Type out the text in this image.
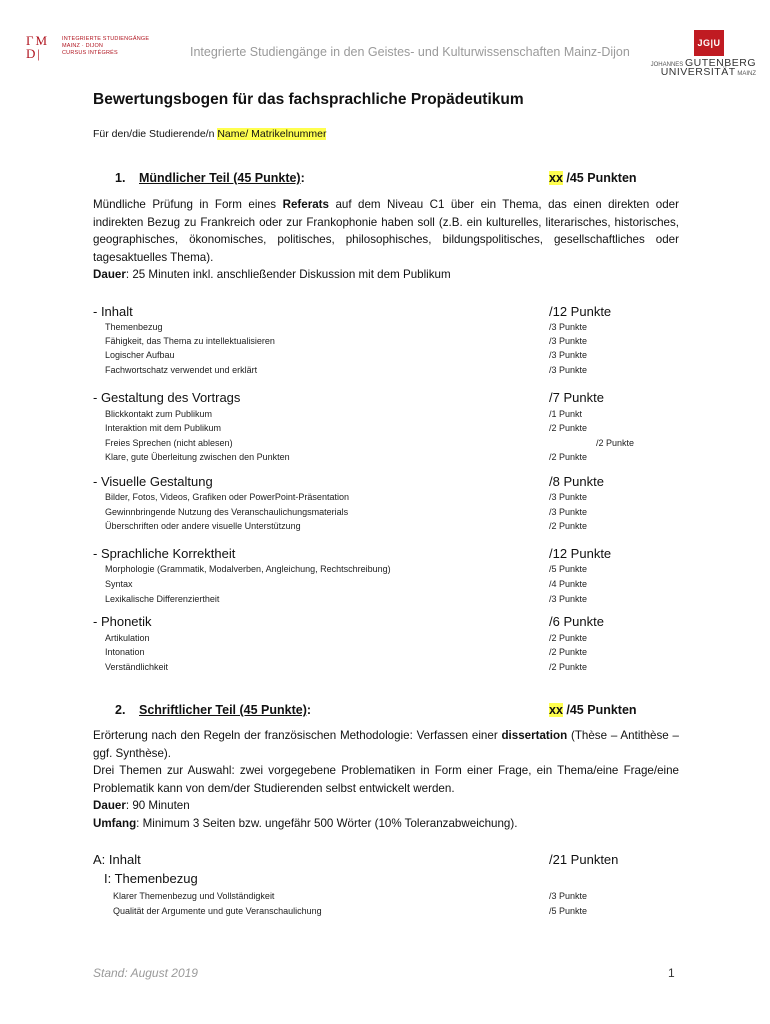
ΓM
D|
INTEGRIERTE STUDIENGÄNGE
MAINZ · DIJON
CURSUS INTÉGRÉS	Integrierte Studiengänge in den Geistes- und Kulturwissenschaften Mainz-Dijon
JG|U
JOHANNES GUTENBERG
UNIVERSITÄT MAINZ
Bewertungsbogen für das fachsprachliche Propädeutikum
Für den/die Studierende/n Name/ Matrikelnummer
1. Mündlicher Teil (45 Punkte):	xx /45 Punkten
Mündliche Prüfung in Form eines Referats auf dem Niveau C1 über ein Thema, das einen direkten oder indirekten Bezug zu Frankreich oder zur Frankophonie haben soll (z.B. ein kulturelles, literarisches, historisches, geographisches, ökonomisches, politisches, philosophisches, bildungspolitisches, gesellschaftliches oder tagesaktuelles Thema).
Dauer: 25 Minuten inkl. anschließender Diskussion mit dem Publikum
- Inhalt	/12 Punkte
Themenbezug	/3 Punkte
Fähigkeit, das Thema zu intellektualisieren	/3 Punkte
Logischer Aufbau	/3 Punkte
Fachwortschatz verwendet und erklärt	/3 Punkte
- Gestaltung des Vortrags	/7 Punkte
Blickkontakt zum Publikum	/1 Punkt
Interaktion mit dem Publikum	/2 Punkte
Freies Sprechen (nicht ablesen)	/2 Punkte
Klare, gute Überleitung zwischen den Punkten	/2 Punkte
- Visuelle Gestaltung	/8 Punkte
Bilder, Fotos, Videos, Grafiken oder PowerPoint-Präsentation	/3 Punkte
Gewinnbringende Nutzung des Veranschaulichungsmaterials	/3 Punkte
Überschriften oder andere visuelle Unterstützung	/2 Punkte
- Sprachliche Korrektheit	/12 Punkte
Morphologie (Grammatik, Modalverben, Angleichung, Rechtschreibung)	/5 Punkte
Syntax	/4 Punkte
Lexikalische Differenziertheit	/3 Punkte
- Phonetik	/6 Punkte
Artikulation	/2 Punkte
Intonation	/2 Punkte
Verständlichkeit	/2 Punkte
2. Schriftlicher Teil (45 Punkte):	xx /45 Punkten
Erörterung nach den Regeln der französischen Methodologie: Verfassen einer dissertation (Thèse – Antithèse – ggf. Synthèse).
Drei Themen zur Auswahl: zwei vorgegebene Problematiken in Form einer Frage, ein Thema/eine Frage/eine Problematik kann von dem/der Studierenden selbst entwickelt werden.
Dauer: 90 Minuten
Umfang: Minimum 3 Seiten bzw. ungefähr 500 Wörter (10% Toleranzabweichung).
A: Inhalt	/21 Punkten
I: Themenbezug
Klarer Themenbezug und Vollständigkeit	/3 Punkte
Qualität der Argumente und gute Veranschaulichung	/5 Punkte
Stand: August 2019	1
